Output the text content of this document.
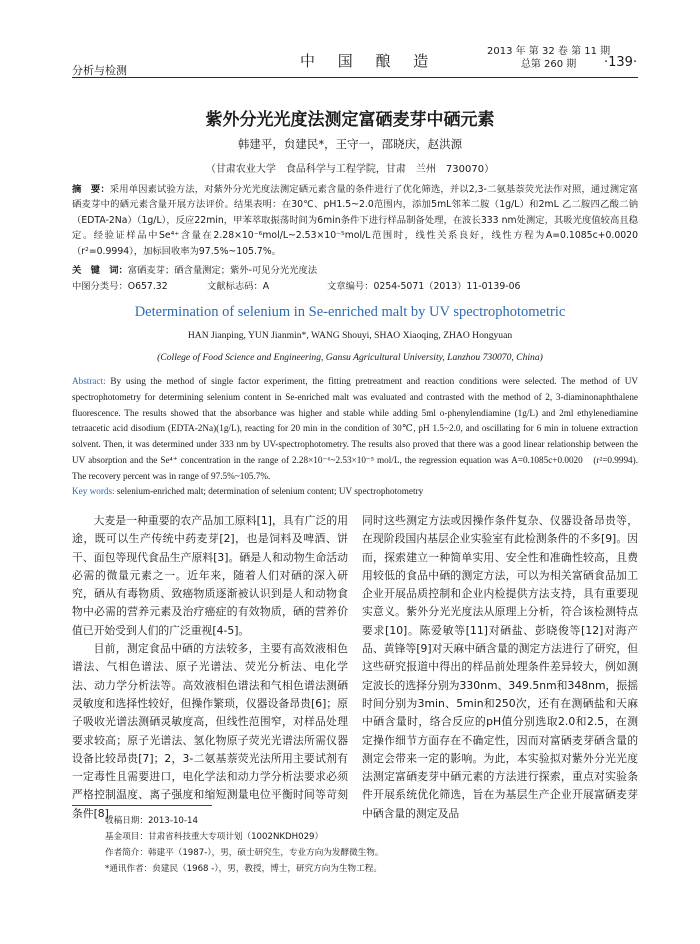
分析与检测
中 国 酿 造
2013 年 第 32 卷 第 11 期
总第 260 期	·139·
紫外分光光度法测定富硒麦芽中硒元素
韩建平，贠建民*，王守一，邵晓庆，赵洪源
（甘肃农业大学　食品科学与工程学院，甘肃　兰州　730070）
摘　要：采用单因素试验方法，对紫外分光光度法测定硒元素含量的条件进行了优化筛选，并以2,3-二氨基萘荧光法作对照，通过测定富硒麦芽中的硒元素含量开展方法评价。结果表明：在30℃、pH1.5~2.0范围内，添加5mL邻苯二胺（1g/L）和2mL 乙二胺四乙酸二钠（EDTA-2Na）（1g/L），反应22min，甲苯萃取振荡时间为6min条件下进行样品制备处理，在波长333 nm处测定，其吸光度值较高且稳定。经验证样品中Se⁴⁺含量在2.28×10⁻⁶mol/L~2.53×10⁻⁵mol/L范围时，线性关系良好，线性方程为A=0.1085c+0.0020（r²=0.9994），加标回收率为97.5%~105.7%。
关　键　词：富硒麦芽；硒含量测定；紫外-可见分光光度法
中图分类号：O657.32	文献标志码：A	文章编号：0254-5071（2013）11-0139-06
Determination of selenium in Se-enriched malt by UV spectrophotometric
HAN Jianping, YUN Jianmin*, WANG Shouyi, SHAO Xiaoqing, ZHAO Hongyuan
(College of Food Science and Engineering, Gansu Agricultural University, Lanzhou 730070, China)
Abstract: By using the method of single factor experiment, the fitting pretreatment and reaction conditions were selected. The method of UV spectrophotometry for determining selenium content in Se-enriched malt was evaluated and contrasted with the method of 2, 3-diaminonaphthalene fluorescence. The results showed that the absorbance was higher and stable while adding 5ml o-phenylendiamine (1g/L) and 2ml ethylenediamine tetraacetic acid disodium (EDTA-2Na)(1g/L), reacting for 20 min in the condition of 30℃, pH 1.5~2.0, and oscillating for 6 min in toluene extraction solvent. Then, it was determined under 333 nm by UV-spectrophotometry. The results also proved that there was a good linear relationship between the UV absorption and the Se⁴⁺ concentration in the range of 2.28×10⁻⁶~2.53×10⁻⁵ mol/L, the regression equation was A=0.1085c+0.0020　(r²=0.9994). The recovery percent was in range of 97.5%~105.7%.
Key words: selenium-enriched malt; determination of selenium content; UV spectrophotometry

大麦是一种重要的农产品加工原料[1]，具有广泛的用途，既可以生产传统中药麦芽[2]，也是饲料及啤酒、饼干、面包等现代食品生产原料[3]。硒是人和动物生命活动必需的微量元素之一。近年来，随着人们对硒的深入研究，硒从有毒物质、致癌物质逐渐被认识到是人和动物食物中必需的营养元素及治疗癌症的有效物质，硒的营养价值已开始受到人们的广泛重视[4-5]。

目前，测定食品中硒的方法较多，主要有高效液相色谱法、气相色谱法、原子光谱法、荧光分析法、电化学法、动力学分析法等。高效液相色谱法和气相色谱法测硒灵敏度和选择性较好，但操作繁琐，仪器设备昂贵[6]；原子吸收光谱法测硒灵敏度高，但线性范围窄，对样品处理要求较高；原子光谱法、氢化物原子荧光光谱法所需仪器设备比较昂贵[7]；2，3-二氨基萘荧光法所用主要试剂有一定毒性且需要进口，电化学法和动力学分析法要求必须严格控制温度、离子强度和缩短测量电位平衡时间等苛刻条件[8]。

同时这些测定方法或因操作条件复杂、仪器设备昂贵等，在现阶段国内基层企业实验室有此检测条件的不多[9]。因而，探索建立一种简单实用、安全性和准确性较高，且费用较低的食品中硒的测定方法，可以为相关富硒食品加工企业开展品质控制和企业内检提供方法支持，具有重要现实意义。紫外分光光度法从原理上分析，符合该检测特点要求[10]。陈爱敏等[11]对硒盐、彭晓俊等[12]对海产品、黄锋等[9]对天麻中硒含量的测定方法进行了研究，但这些研究报道中得出的样品前处理条件差异较大，例如测定波长的选择分别为330nm、349.5nm和348nm，振摇时间分别为3min、5min和250次，还有在测硒盐和天麻中硒含量时，络合反应的pH值分别选取2.0和2.5，在测定操作细节方面存在不确定性，因而对富硒麦芽硒含量的测定会带来一定的影响。为此，本实验拟对紫外分光光度法测定富硒麦芽中硒元素的方法进行探索，重点对实验条件开展系统优化筛选，旨在为基层生产企业开展富硒麦芽中硒含量的测定及品

收稿日期：2013-10-14
基金项目：甘肃省科技重大专项计划（1002NKDH029）
作者简介：韩建平（1987-），男，硕士研究生，专业方向为发酵微生物。
*通讯作者：贠建民（1968 -），男，教授，博士，研究方向为生物工程。
